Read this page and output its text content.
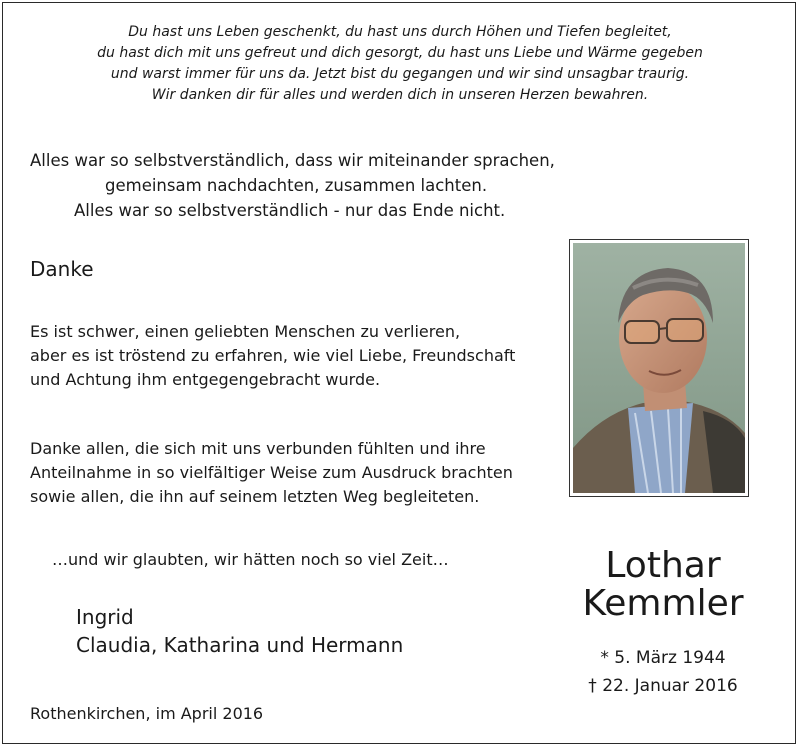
Du hast uns Leben geschenkt, du hast uns durch Höhen und Tiefen begleitet,
du hast dich mit uns gefreut und dich gesorgt, du hast uns Liebe und Wärme gegeben
und warst immer für uns da. Jetzt bist du gegangen und wir sind unsagbar traurig.
Wir danken dir für alles und werden dich in unseren Herzen bewahren.
Alles war so selbstverständlich, dass wir miteinander sprachen,
gemeinsam nachdachten, zusammen lachten.
Alles war so selbstverständlich - nur das Ende nicht.
Danke
Es ist schwer, einen geliebten Menschen zu verlieren,
aber es ist tröstend zu erfahren, wie viel Liebe, Freundschaft
und Achtung ihm entgegengebracht wurde.
Danke allen, die sich mit uns verbunden fühlten und ihre
Anteilnahme in so vielfältiger Weise zum Ausdruck brachten
sowie allen, die ihn auf seinem letzten Weg begleiteten.
…und wir glaubten, wir hätten noch so viel Zeit…
Ingrid
Claudia, Katharina und Hermann
Rothenkirchen, im April 2016
Lothar
Kemmler
* 5. März 1944
† 22. Januar 2016
